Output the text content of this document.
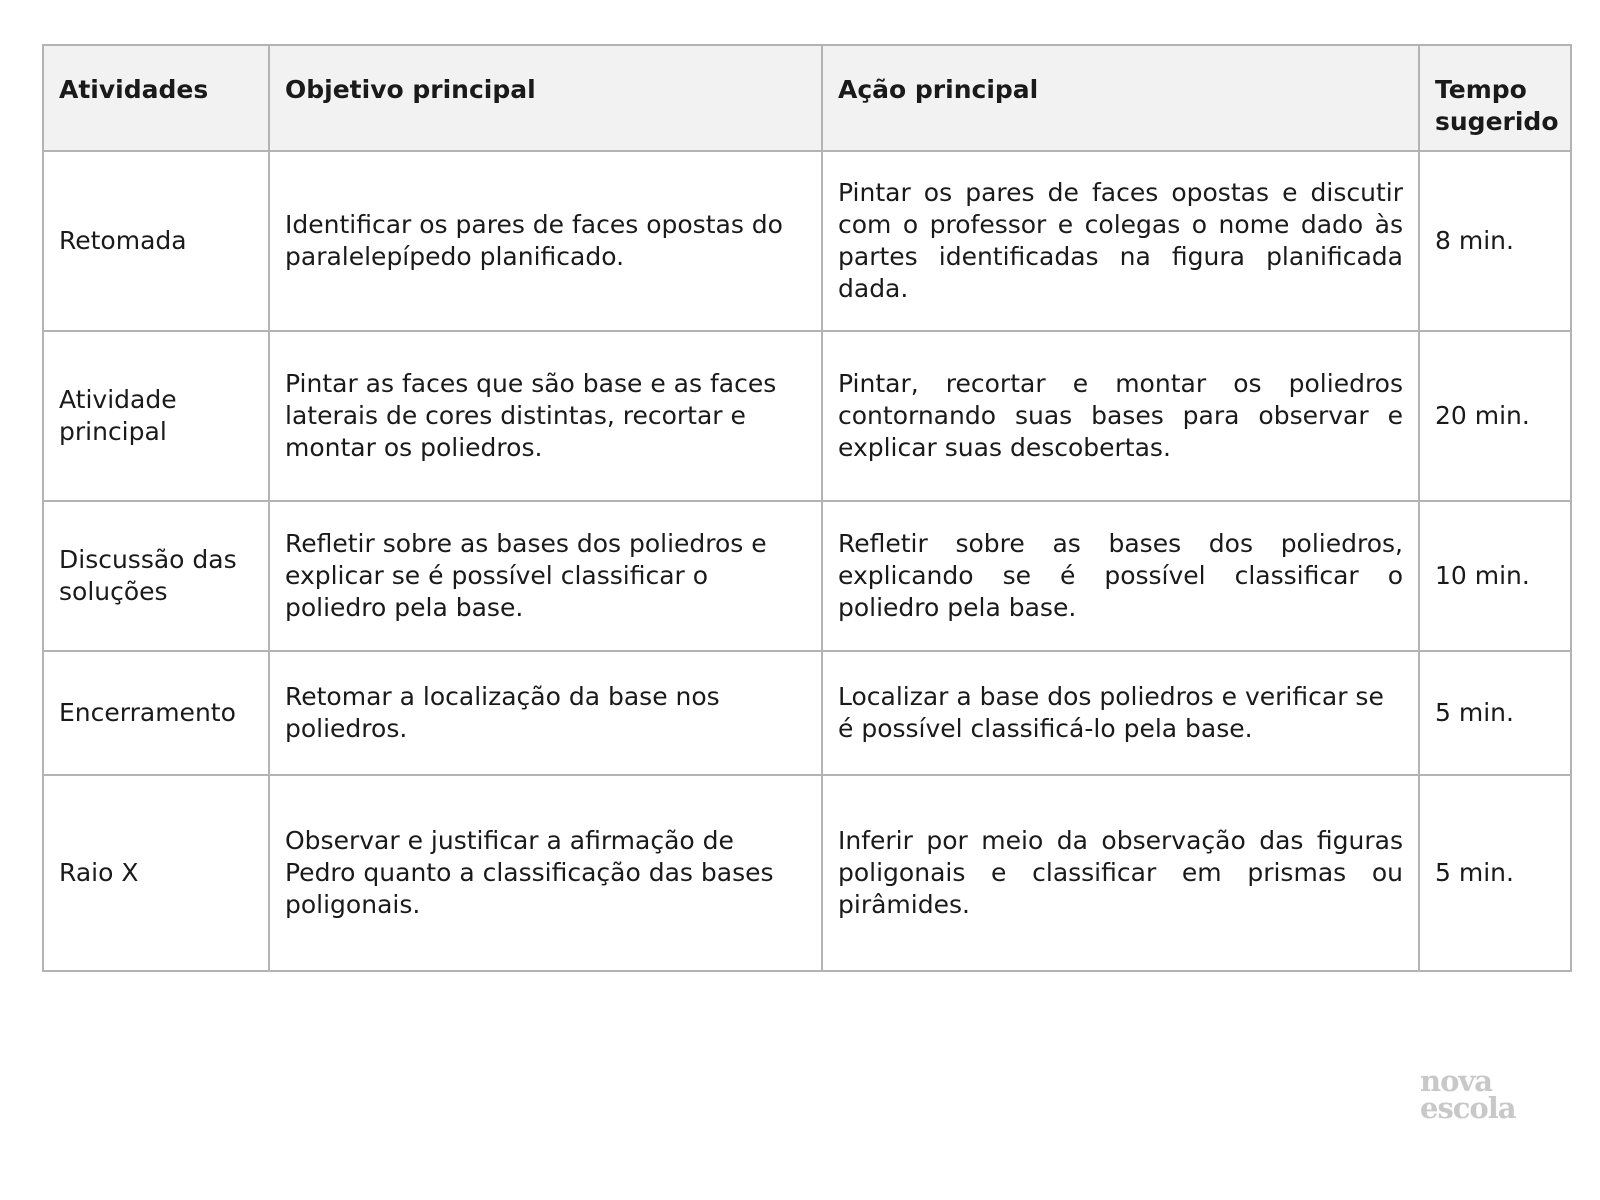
Atividades	Objetivo principal	Ação principal	Tempo sugerido
Retomada	Identificar os pares de faces opostas do paralelepípedo planificado.	Pintar os pares de faces opostas e discutir com o professor e colegas o nome dado às partes identificadas na figura planificada dada.	8 min.
Atividade principal	Pintar as faces que são base e as faces laterais de cores distintas, recortar e montar os poliedros.	Pintar, recortar e montar os poliedros contornando suas bases para observar e explicar suas descobertas.	20 min.
Discussão das soluções	Refletir sobre as bases dos poliedros e explicar se é possível classificar o poliedro pela base.	Refletir sobre as bases dos poliedros, explicando se é possível classificar o poliedro pela base.	10 min.
Encerramento	Retomar a localização da base nos poliedros.	Localizar a base dos poliedros e verificar se é possível classificá-lo pela base.	5 min.
Raio X	Observar e justificar a afirmação de Pedro quanto a classificação das bases poligonais.	Inferir por meio da observação das figuras poligonais e classificar em prismas ou pirâmides.	5 min.
nova
escola
